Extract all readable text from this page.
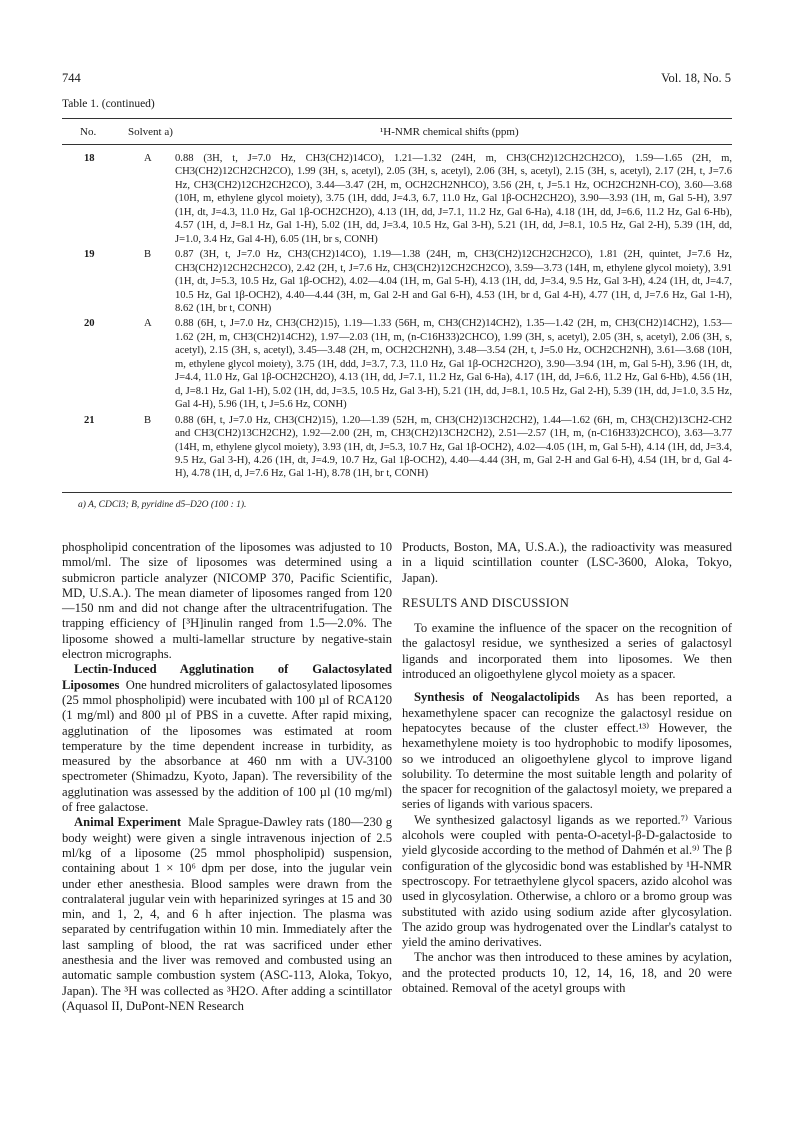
744	Vol. 18, No. 5
Table 1. (continued)
No.	Solvent a)	¹H-NMR chemical shifts (ppm)
18	A 0.88 (3H, t, J=7.0 Hz, CH3(CH2)14CO), 1.21—1.32 (24H, m, CH3(CH2)12CH2CH2CO), 1.59—1.65 (2H, m, CH3(CH2)12CH2CH2CO), 1.99 (3H, s, acetyl), 2.05 (3H, s, acetyl), 2.06 (3H, s, acetyl), 2.15 (3H, s, acetyl), 2.17 (2H, t, J=7.6 Hz, CH3(CH2)12CH2CH2CO), 3.44—3.47 (2H, m, OCH2CH2NHCO), 3.56 (2H, t, J=5.1 Hz, OCH2CH2NH-CO), 3.60—3.68 (10H, m, ethylene glycol moiety), 3.75 (1H, ddd, J=4.3, 6.7, 11.0 Hz, Gal 1β-OCH2CH2O), 3.90—3.93 (1H, m, Gal 5-H), 3.97 (1H, dt, J=4.3, 11.0 Hz, Gal 1β-OCH2CH2O), 4.13 (1H, dd, J=7.1, 11.2 Hz, Gal 6-Ha), 4.18 (1H, dd, J=6.6, 11.2 Hz, Gal 6-Hb), 4.57 (1H, d, J=8.1 Hz, Gal 1-H), 5.02 (1H, dd, J=3.4, 10.5 Hz, Gal 3-H), 5.21 (1H, dd, J=8.1, 10.5 Hz, Gal 2-H), 5.39 (1H, dd, J=1.0, 3.4 Hz, Gal 4-H), 6.05 (1H, br s, CONH)
19	B 0.87 (3H, t, J=7.0 Hz, CH3(CH2)14CO), 1.19—1.38 (24H, m, CH3(CH2)12CH2CH2CO), 1.81 (2H, quintet, J=7.6 Hz, CH3(CH2)12CH2CH2CO), 2.42 (2H, t, J=7.6 Hz, CH3(CH2)12CH2CH2CO), 3.59—3.73 (14H, m, ethylene glycol moiety), 3.91 (1H, dt, J=5.3, 10.5 Hz, Gal 1β-OCH2), 4.02—4.04 (1H, m, Gal 5-H), 4.13 (1H, dd, J=3.4, 9.5 Hz, Gal 3-H), 4.24 (1H, dt, J=4.7, 10.5 Hz, Gal 1β-OCH2), 4.40—4.44 (3H, m, Gal 2-H and Gal 6-H), 4.53 (1H, br d, Gal 4-H), 4.77 (1H, d, J=7.6 Hz, Gal 1-H), 8.62 (1H, br t, CONH)
20	A 0.88 (6H, t, J=7.0 Hz, CH3(CH2)15), 1.19—1.33 (56H, m, CH3(CH2)14CH2), 1.35—1.42 (2H, m, CH3(CH2)14CH2), 1.53—1.62 (2H, m, CH3(CH2)14CH2), 1.97—2.03 (1H, m, (n-C16H33)2CHCO), 1.99 (3H, s, acetyl), 2.05 (3H, s, acetyl), 2.06 (3H, s, acetyl), 2.15 (3H, s, acetyl), 3.45—3.48 (2H, m, OCH2CH2NH), 3.48—3.54 (2H, t, J=5.0 Hz, OCH2CH2NH), 3.61—3.68 (10H, m, ethylene glycol moiety), 3.75 (1H, ddd, J=3.7, 7.3, 11.0 Hz, Gal 1β-OCH2CH2O), 3.90—3.94 (1H, m, Gal 5-H), 3.96 (1H, dt, J=4.4, 11.0 Hz, Gal 1β-OCH2CH2O), 4.13 (1H, dd, J=7.1, 11.2 Hz, Gal 6-Ha), 4.17 (1H, dd, J=6.6, 11.2 Hz, Gal 6-Hb), 4.56 (1H, d, J=8.1 Hz, Gal 1-H), 5.02 (1H, dd, J=3.5, 10.5 Hz, Gal 3-H), 5.21 (1H, dd, J=8.1, 10.5 Hz, Gal 2-H), 5.39 (1H, dd, J=1.0, 3.5 Hz, Gal 4-H), 5.96 (1H, t, J=5.6 Hz, CONH)
21	B 0.88 (6H, t, J=7.0 Hz, CH3(CH2)15), 1.20—1.39 (52H, m, CH3(CH2)13CH2CH2), 1.44—1.62 (6H, m, CH3(CH2)13CH2-CH2 and CH3(CH2)13CH2CH2), 1.92—2.00 (2H, m, CH3(CH2)13CH2CH2), 2.51—2.57 (1H, m, (n-C16H33)2CHCO), 3.63—3.77 (14H, m, ethylene glycol moiety), 3.93 (1H, dt, J=5.3, 10.7 Hz, Gal 1β-OCH2), 4.02—4.05 (1H, m, Gal 5-H), 4.14 (1H, dd, J=3.4, 9.5 Hz, Gal 3-H), 4.26 (1H, dt, J=4.9, 10.7 Hz, Gal 1β-OCH2), 4.40—4.44 (3H, m, Gal 2-H and Gal 6-H), 4.54 (1H, br d, Gal 4-H), 4.78 (1H, d, J=7.6 Hz, Gal 1-H), 8.78 (1H, br t, CONH)
a) A, CDCl3; B, pyridine d5–D2O (100 : 1).

phospholipid concentration of the liposomes was adjusted to 10 mmol/ml. The size of liposomes was determined using a submicron particle analyzer (NICOMP 370, Pacific Scientific, MD, U.S.A.). The mean diameter of liposomes ranged from 120—150 nm and did not change after the ultracentrifugation. The trapping efficiency of [³H]inulin ranged from 1.5—2.0%. The liposome showed a multi-lamellar structure by negative-stain electron micrographs.

Lectin-Induced Agglutination of Galactosylated Liposomes One hundred microliters of galactosylated liposomes (25 mmol phospholipid) were incubated with 100 µl of RCA120 (1 mg/ml) and 800 µl of PBS in a cuvette. After rapid mixing, agglutination of the liposomes was estimated at room temperature by the time dependent increase in turbidity, as measured by the absorbance at 460 nm with a UV-3100 spectrometer (Shimadzu, Kyoto, Japan). The reversibility of the agglutination was assessed by the addition of 100 µl (10 mg/ml) of free galactose.

Animal Experiment Male Sprague-Dawley rats (180—230 g body weight) were given a single intravenous injection of 2.5 ml/kg of a liposome (25 mmol phospholipid) suspension, containing about 1 × 10⁶ dpm per dose, into the jugular vein under ether anesthesia. Blood samples were drawn from the contralateral jugular vein with heparinized syringes at 15 and 30 min, and 1, 2, 4, and 6 h after injection. The plasma was separated by centrifugation within 10 min. Immediately after the last sampling of blood, the rat was sacrificed under ether anesthesia and the liver was removed and combusted using an automatic sample combustion system (ASC-113, Aloka, Tokyo, Japan). The ³H was collected as ³H2O. After adding a scintillator (Aquasol II, DuPont-NEN Research

Products, Boston, MA, U.S.A.), the radioactivity was measured in a liquid scintillation counter (LSC-3600, Aloka, Tokyo, Japan).

RESULTS AND DISCUSSION

To examine the influence of the spacer on the recognition of the galactosyl residue, we synthesized a series of galactosyl ligands and incorporated them into liposomes. We then introduced an oligoethylene glycol moiety as a spacer.

Synthesis of Neogalactolipids As has been reported, a hexamethylene spacer can recognize the galactosyl residue on hepatocytes because of the cluster effect.¹³⁾ However, the hexamethylene moiety is too hydrophobic to modify liposomes, so we introduced an oligoethylene glycol to improve ligand solubility. To determine the most suitable length and polarity of the spacer for recognition of the galactosyl moiety, we prepared a series of ligands with various spacers.

We synthesized galactosyl ligands as we reported.⁷⁾ Various alcohols were coupled with penta-O-acetyl-β-D-galactoside to yield glycoside according to the method of Dahmén et al.⁹⁾ The β configuration of the glycosidic bond was established by ¹H-NMR spectroscopy. For tetraethylene glycol spacers, azido alcohol was used in glycosylation. Otherwise, a chloro or a bromo group was substituted with azido using sodium azide after glycosylation. The azido group was hydrogenated over the Lindlar's catalyst to yield the amino derivatives.

The anchor was then introduced to these amines by acylation, and the protected products 10, 12, 14, 16, 18, and 20 were obtained. Removal of the acetyl groups with
